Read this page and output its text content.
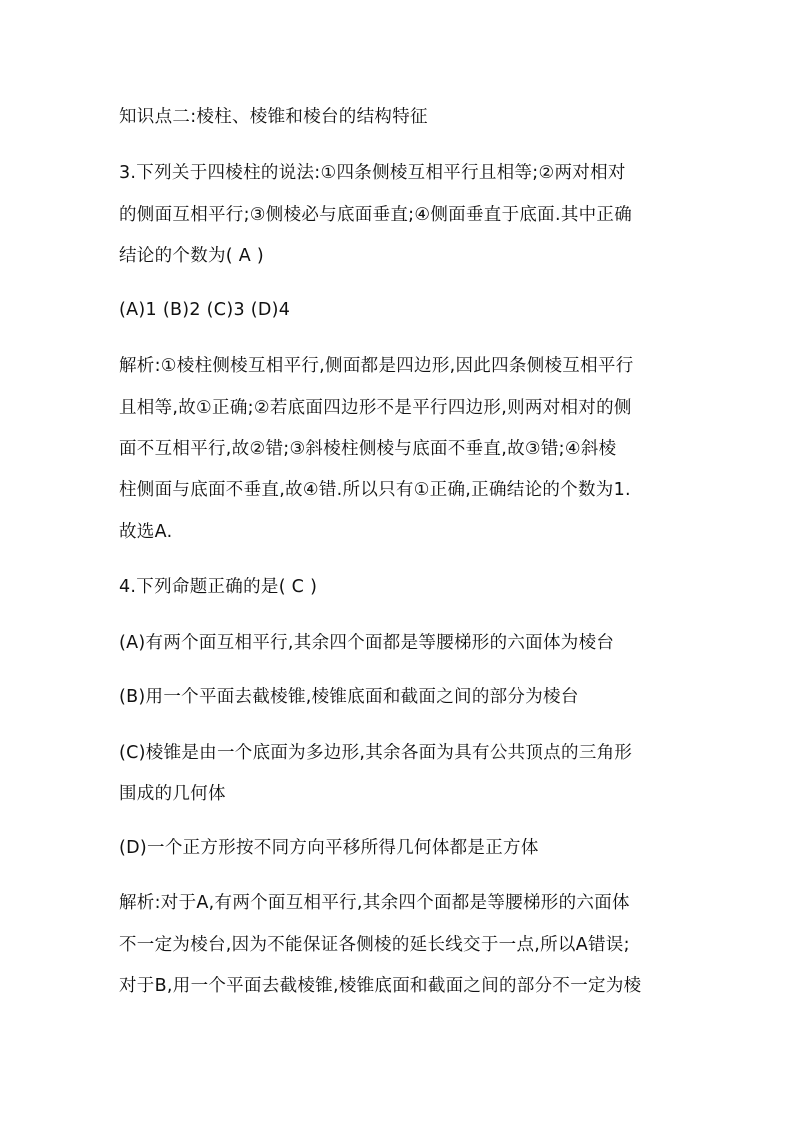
知识点二:棱柱、棱锥和棱台的结构特征
3.下列关于四棱柱的说法:①四条侧棱互相平行且相等;②两对相对
的侧面互相平行;③侧棱必与底面垂直;④侧面垂直于底面.其中正确
结论的个数为( A )
(A)1 (B)2 (C)3 (D)4
解析:①棱柱侧棱互相平行,侧面都是四边形,因此四条侧棱互相平行
且相等,故①正确;②若底面四边形不是平行四边形,则两对相对的侧
面不互相平行,故②错;③斜棱柱侧棱与底面不垂直,故③错;④斜棱
柱侧面与底面不垂直,故④错.所以只有①正确,正确结论的个数为1.
故选A.
4.下列命题正确的是( C )
(A)有两个面互相平行,其余四个面都是等腰梯形的六面体为棱台
(B)用一个平面去截棱锥,棱锥底面和截面之间的部分为棱台
(C)棱锥是由一个底面为多边形,其余各面为具有公共顶点的三角形
围成的几何体
(D)一个正方形按不同方向平移所得几何体都是正方体
解析:对于A,有两个面互相平行,其余四个面都是等腰梯形的六面体
不一定为棱台,因为不能保证各侧棱的延长线交于一点,所以A错误;
对于B,用一个平面去截棱锥,棱锥底面和截面之间的部分不一定为棱
